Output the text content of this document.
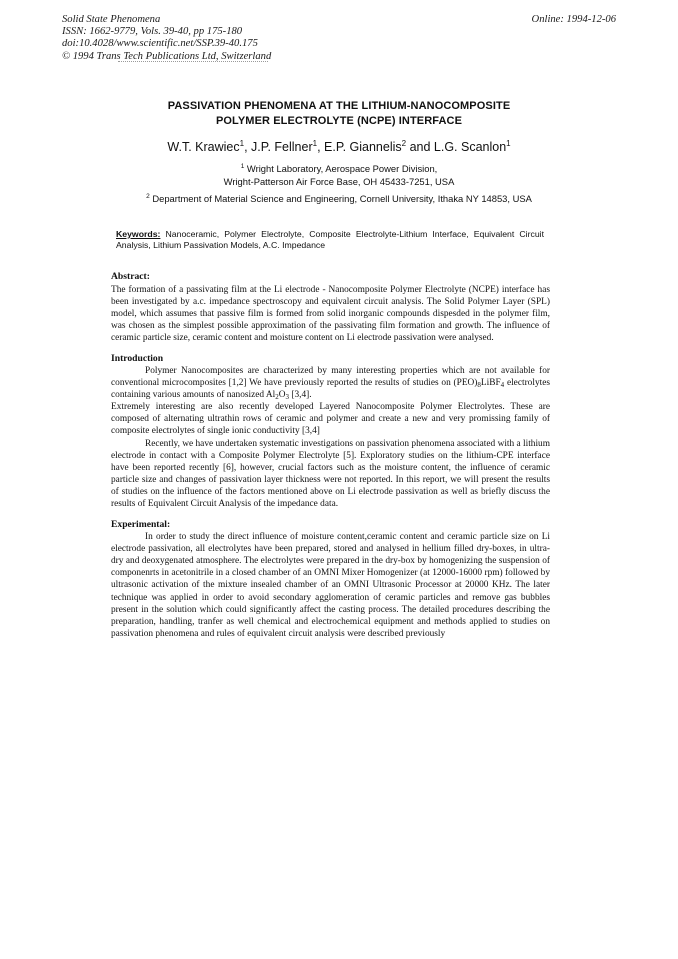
Solid State Phenomena
ISSN: 1662-9779, Vols. 39-40, pp 175-180
doi:10.4028/www.scientific.net/SSP.39-40.175
© 1994 Trans Tech Publications Ltd, Switzerland
Online: 1994-12-06
PASSIVATION PHENOMENA AT THE LITHIUM-NANOCOMPOSITE
POLYMER ELECTROLYTE (NCPE) INTERFACE
W.T. Krawiec$^1$, J.P. Fellner$^1$, E.P. Giannelis$^2$ and L.G. Scanlon$^1$
$^1$ Wright Laboratory, Aerospace Power Division,
Wright-Patterson Air Force Base, OH 45433-7251, USA
$^2$ Department of Material Science and Engineering, Cornell University, Ithaka NY 14853, USA
Keywords: Nanoceramic, Polymer Electrolyte, Composite Electrolyte-Lithium Interface, Equivalent Circuit Analysis, Lithium Passivation Models, A.C. Impedance
Abstract:

The formation of a passivating film at the Li electrode - Nanocomposite Polymer Electrolyte (NCPE) interface has been investigated by a.c. impedance spectroscopy and equivalent circuit analysis. The Solid Polymer Layer (SPL) model, which assumes that passive film is formed from solid inorganic compounds dispesded in the polymer film, was chosen as the simplest possible approximation of the passivating film formation and growth. The influence of ceramic particle size, ceramic content and moisture content on Li electrode passivation were analysed.

Introduction

Polymer Nanocomposites are characterized by many interesting properties which are not available for conventional microcomposites [1,2] We have previously reported the results of studies on $(PEO)_8LiBF_4$ electrolytes containing various amounts of nanosized $Al_2O_3$ [3,4].

Extremely interesting are also recently developed Layered Nanocomposite Polymer Electrolytes. These are composed of alternating ultrathin rows of ceramic and polymer and create a new and very promissing family of composite electrolytes of single ionic conductivity [3,4]

Recently, we have undertaken systematic investigations on passivation phenomena associated with a lithium electrode in contact with a Composite Polymer Electrolyte [5]. Exploratory studies on the lithium-CPE interface have been reported recently [6], however, crucial factors such as the moisture content, the influence of ceramic particle size and changes of passivation layer thickness were not reported. In this report, we will present the results of studies on the influence of the factors mentioned above on Li electrode passivation as well as briefly discuss the results of Equivalent Circuit Analysis of the impedance data.

Experimental:

In order to study the direct influence of moisture content,ceramic content and ceramic particle size on Li electrode passivation, all electrolytes have been prepared, stored and analysed in hellium filled dry-boxes, in ultra-dry and deoxygenated atmosphere. The electrolytes were prepared in the dry-box by homogenizing the suspension of componenrts in acetonitrile in a closed chamber of an OMNI Mixer Homogenizer (at 12000-16000 rpm) followed by ultrasonic activation of the mixture insealed chamber of an OMNI Ultrasonic Processor at 20000 KHz. The later technique was applied in order to avoid secondary agglomeration of ceramic particles and remove gas bubbles present in the solution which could significantly affect the casting process. The detailed procedures describing the preparation, handling, tranfer as well chemical and electrochemical equipment and methods applied to studies on passivation phenomena and rules of equivalent circuit analysis were described previously
